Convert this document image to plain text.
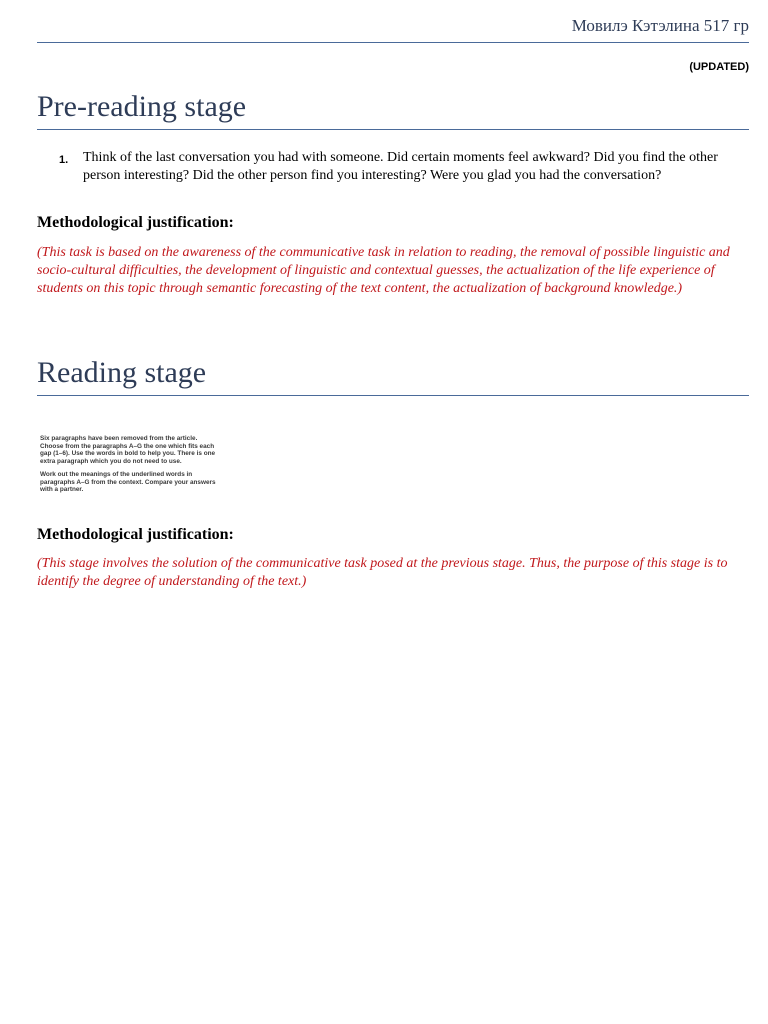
Мовилэ Кэтэлина 517 гр
(UPDATED)
Pre-reading stage
1. Think of the last conversation you had with someone. Did certain moments feel awkward? Did you find the other person interesting? Did the other person find you interesting? Were you glad you had the conversation?
Methodological justification:
(This task is based on the awareness of the communicative task in relation to reading, the removal of possible linguistic and socio-cultural difficulties, the development of linguistic and contextual guesses, the actualization of the life experience of students on this topic through semantic forecasting of the text content, the actualization of background knowledge.)
Reading stage
Six paragraphs have been removed from the article. Choose from the paragraphs A–G the one which fits each gap (1–6). Use the words in bold to help you. There is one extra paragraph which you do not need to use.
Work out the meanings of the underlined words in paragraphs A–G from the context. Compare your answers with a partner.
Methodological justification:
(This stage involves the solution of the communicative task posed at the previous stage. Thus, the purpose of this stage is to identify the degree of understanding of the text.)
